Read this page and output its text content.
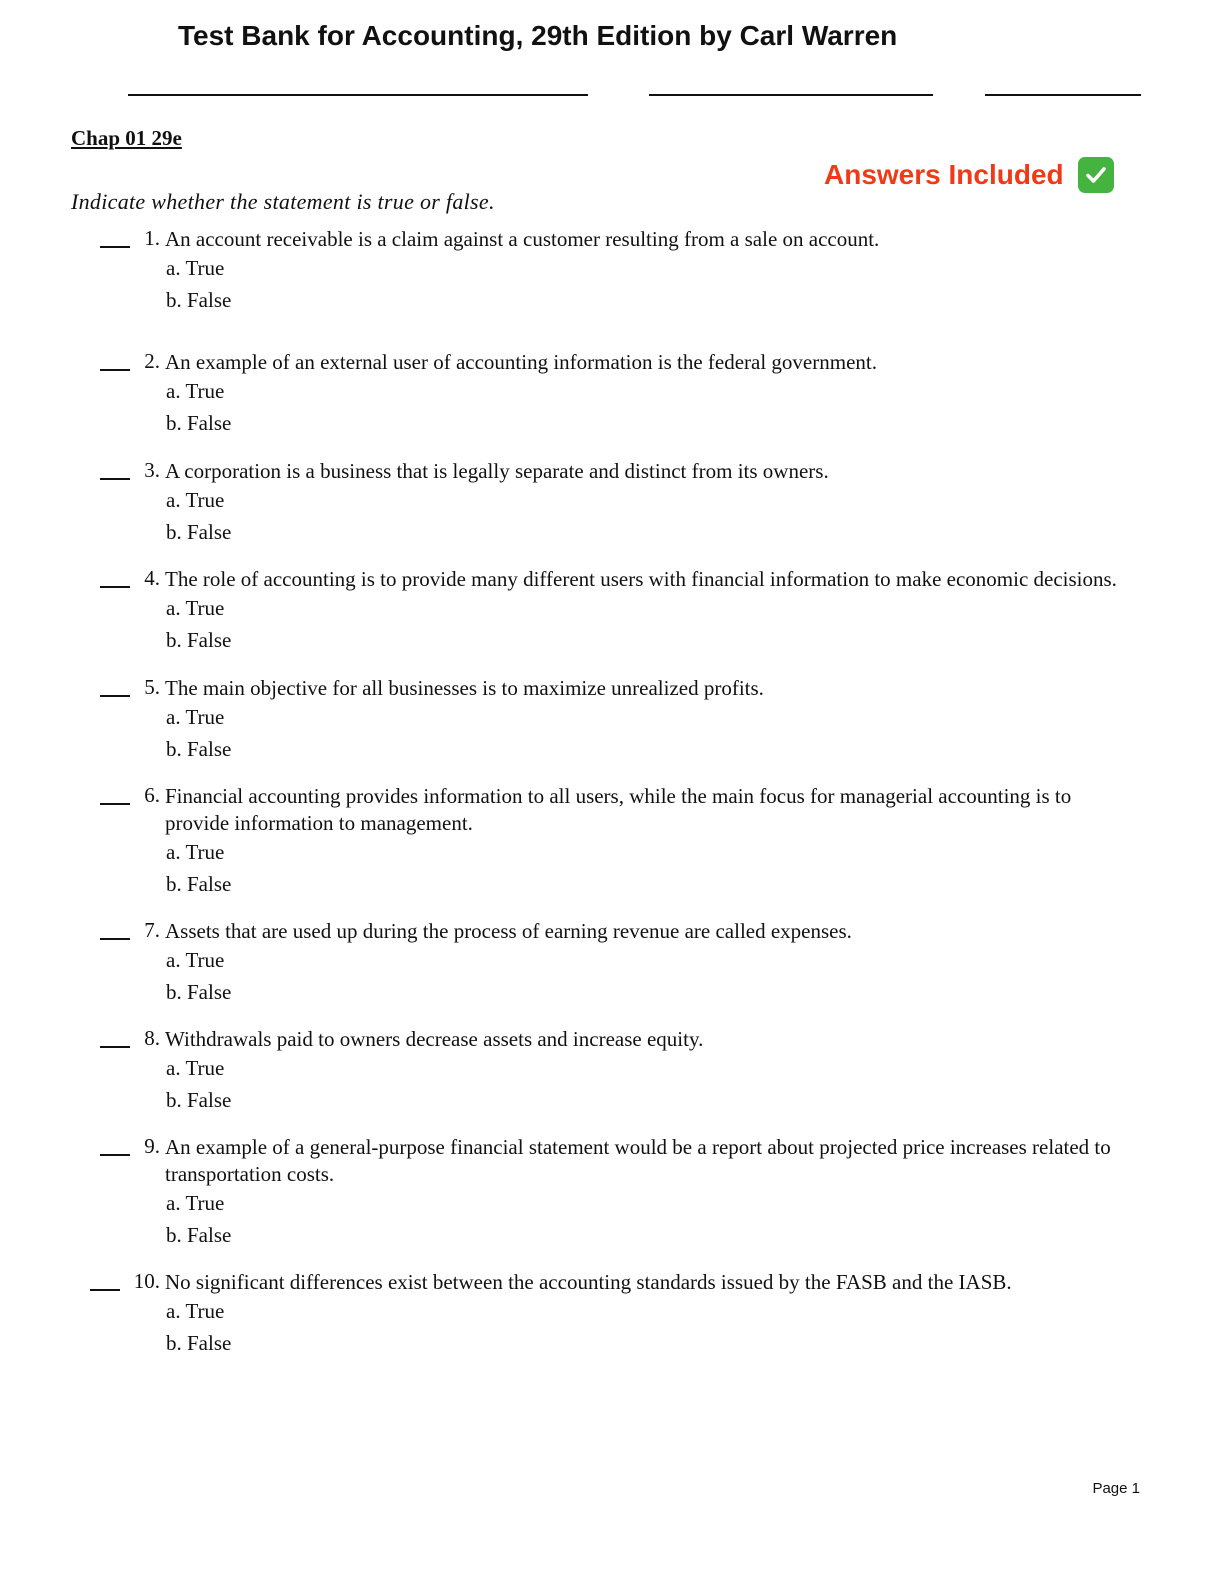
Test Bank for Accounting, 29th Edition by Carl Warren
Chap 01 29e
Answers Included
Indicate whether the statement is true or false.
1. An account receivable is a claim against a customer resulting from a sale on account.
a. True
b. False
2. An example of an external user of accounting information is the federal government.
a. True
b. False
3. A corporation is a business that is legally separate and distinct from its owners.
a. True
b. False
4. The role of accounting is to provide many different users with financial information to make economic decisions.
a. True
b. False
5. The main objective for all businesses is to maximize unrealized profits.
a. True
b. False
6. Financial accounting provides information to all users, while the main focus for managerial accounting is to provide information to management.
a. True
b. False
7. Assets that are used up during the process of earning revenue are called expenses.
a. True
b. False
8. Withdrawals paid to owners decrease assets and increase equity.
a. True
b. False
9. An example of a general-purpose financial statement would be a report about projected price increases related to transportation costs.
a. True
b. False
10. No significant differences exist between the accounting standards issued by the FASB and the IASB.
a. True
b. False
Page 1
